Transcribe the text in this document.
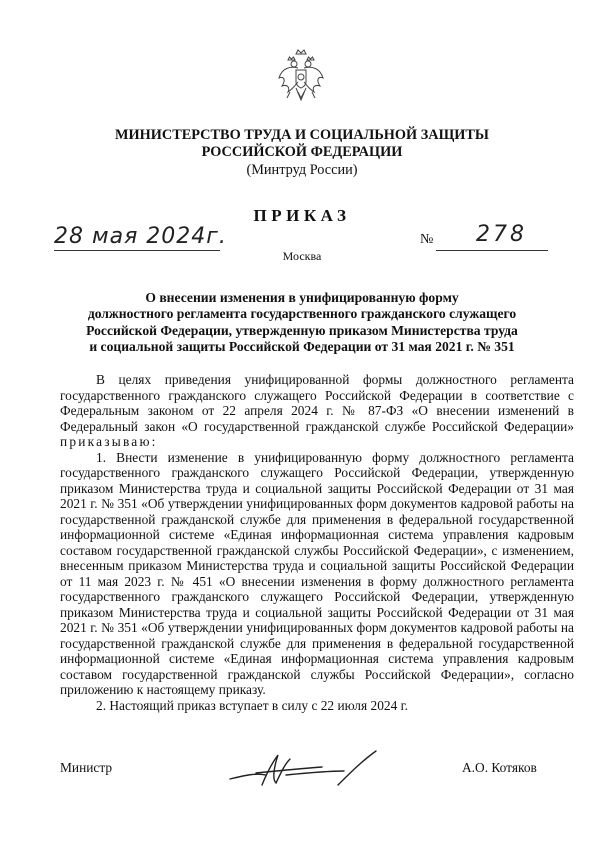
МИНИСТЕРСТВО ТРУДА И СОЦИАЛЬНОЙ ЗАЩИТЫ
РОССИЙСКОЙ ФЕДЕРАЦИИ
(Минтруд России)
ПРИКАЗ
28 мая 2024г.	№ 278
Москва
О внесении изменения в унифицированную форму
должностного регламента государственного гражданского служащего
Российской Федерации, утвержденную приказом Министерства труда
и социальной защиты Российской Федерации от 31 мая 2021 г. № 351

В целях приведения унифицированной формы должностного регламента государственного гражданского служащего Российской Федерации в соответствие с Федеральным законом от 22 апреля 2024 г. № 87-ФЗ «О внесении изменений в Федеральный закон «О государственной гражданской службе Российской Федерации» приказываю:

1. Внести изменение в унифицированную форму должностного регламента государственного гражданского служащего Российской Федерации, утвержденную приказом Министерства труда и социальной защиты Российской Федерации от 31 мая 2021 г. № 351 «Об утверждении унифицированных форм документов кадровой работы на государственной гражданской службе для применения в федеральной государственной информационной системе «Единая информационная система управления кадровым составом государственной гражданской службы Российской Федерации», с изменением, внесенным приказом Министерства труда и социальной защиты Российской Федерации от 11 мая 2023 г. № 451 «О внесении изменения в форму должностного регламента государственного гражданского служащего Российской Федерации, утвержденную приказом Министерства труда и социальной защиты Российской Федерации от 31 мая 2021 г. № 351 «Об утверждении унифицированных форм документов кадровой работы на государственной гражданской службе для применения в федеральной государственной информационной системе «Единая информационная система управления кадровым составом государственной гражданской службы Российской Федерации», согласно приложению к настоящему приказу.

2. Настоящий приказ вступает в силу с 22 июля 2024 г.

Министр	А.О. Котяков
